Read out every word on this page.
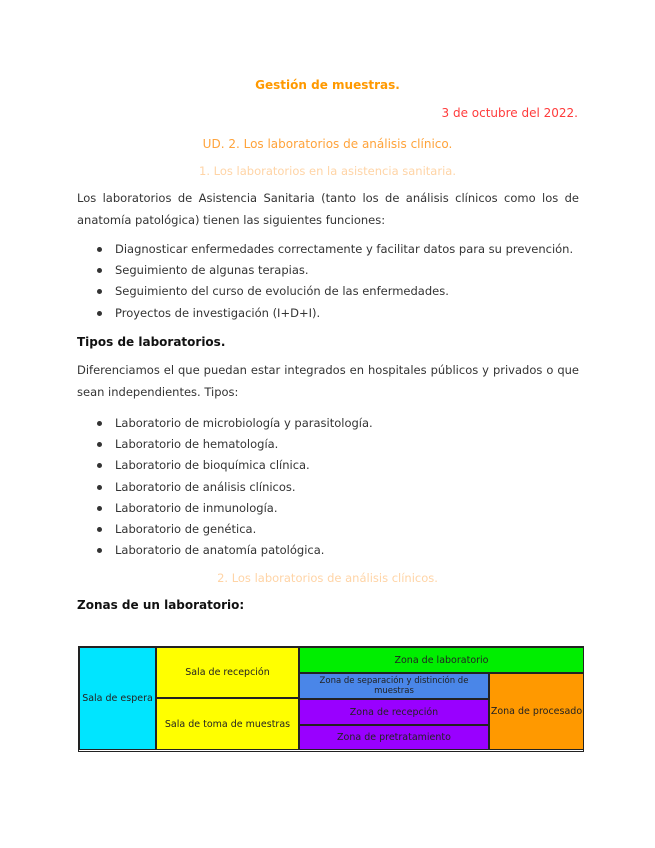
Gestión de muestras.
3 de octubre del 2022.
UD. 2. Los laboratorios de análisis clínico.
1. Los laboratorios en la asistencia sanitaria.
Los laboratorios de Asistencia Sanitaria (tanto los de análisis clínicos como los de anatomía patológica) tienen las siguientes funciones:
Diagnosticar enfermedades correctamente y facilitar datos para su prevención.
Seguimiento de algunas terapias.
Seguimiento del curso de evolución de las enfermedades.
Proyectos de investigación (I+D+I).
Tipos de laboratorios.
Diferenciamos el que puedan estar integrados en hospitales públicos y privados o que sean independientes. Tipos:
Laboratorio de microbiología y parasitología.
Laboratorio de hematología.
Laboratorio de bioquímica clínica.
Laboratorio de análisis clínicos.
Laboratorio de inmunología.
Laboratorio de genética.
Laboratorio de anatomía patológica.
2. Los laboratorios de análisis clínicos.
Zonas de un laboratorio:
Sala de espera
Sala de recepción
Sala de toma de muestras
Zona de laboratorio
Zona de separación y distinción de muestras
Zona de procesado
Zona de recepción
Zona de pretratamiento
